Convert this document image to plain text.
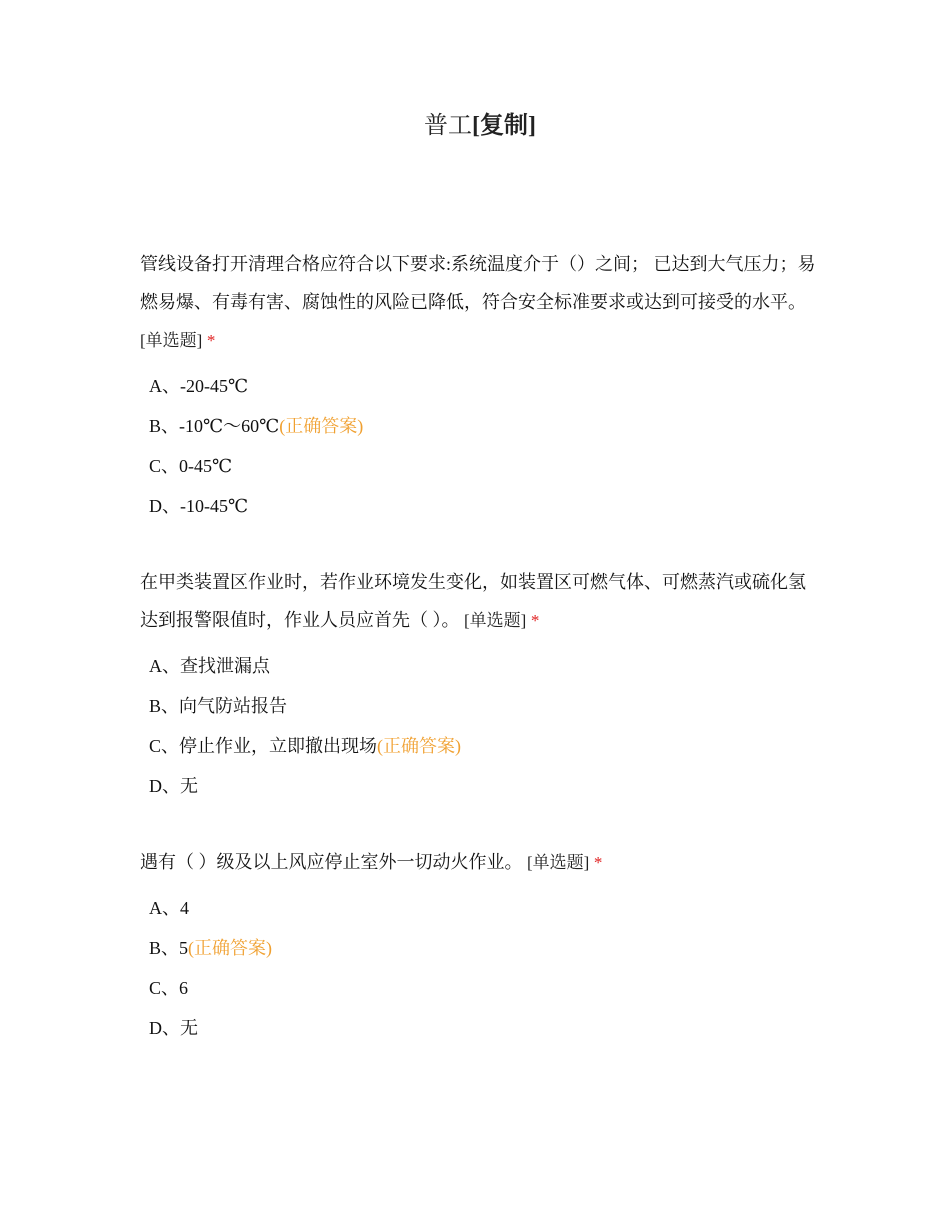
普工[复制]

管线设备打开清理合格应符合以下要求:系统温度介于（）之间； 已达到大气压力；易燃易爆、有毒有害、腐蚀性的风险已降低，符合安全标准要求或达到可接受的水平。 [单选题] *

A、-20-45℃
B、-10℃～60℃(正确答案)
C、0-45℃
D、-10-45℃

在甲类装置区作业时，若作业环境发生变化，如装置区可燃气体、可燃蒸汽或硫化氢达到报警限值时，作业人员应首先（ ）。 [单选题] *

A、查找泄漏点
B、向气防站报告
C、停止作业，立即撤出现场(正确答案)
D、无

遇有（ ）级及以上风应停止室外一切动火作业。 [单选题] *

A、4
B、5(正确答案)
C、6
D、无
